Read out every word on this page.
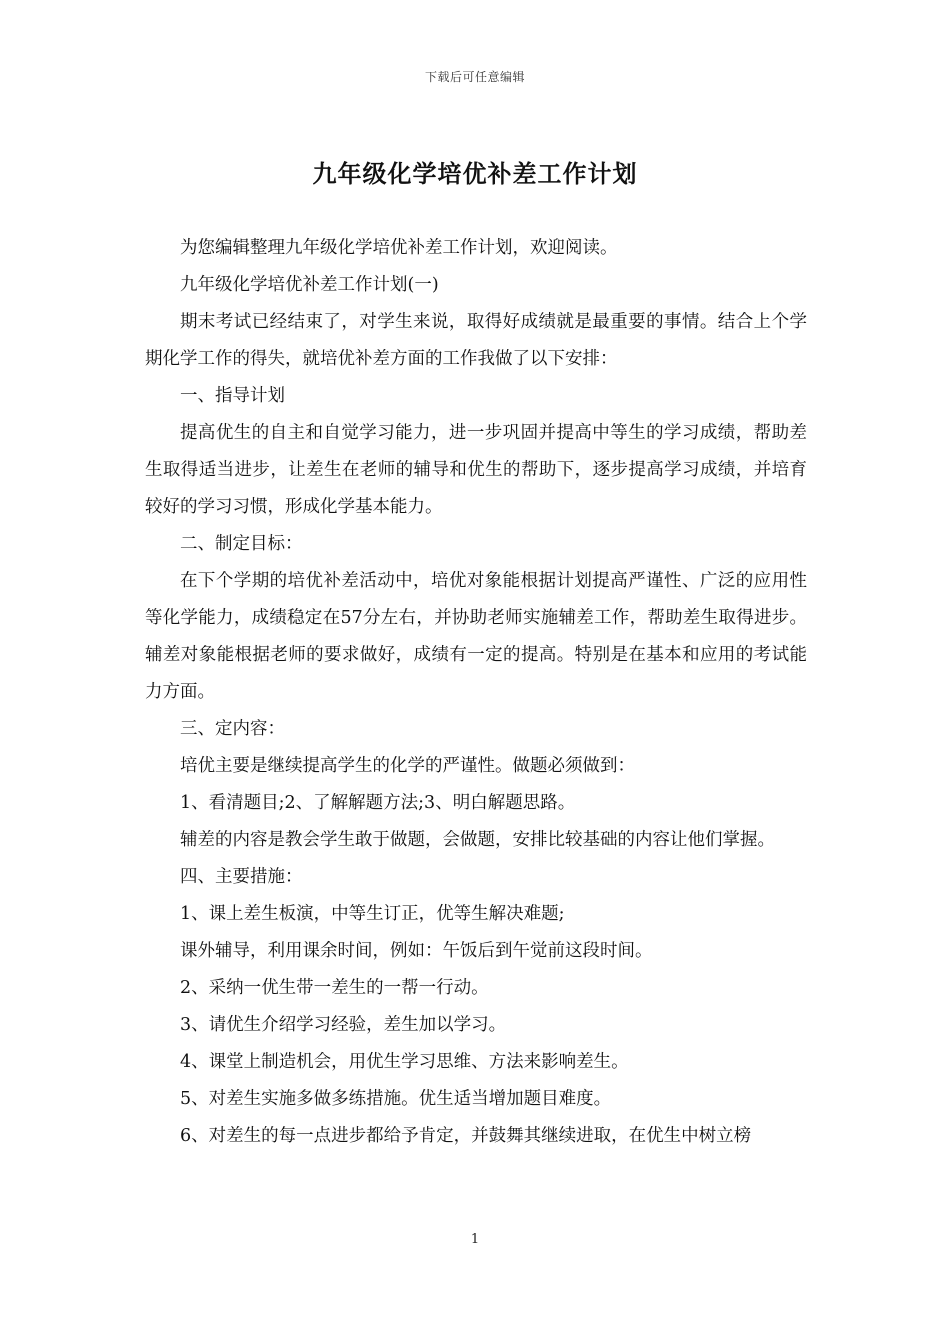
下载后可任意编辑
九年级化学培优补差工作计划

为您编辑整理九年级化学培优补差工作计划，欢迎阅读。

九年级化学培优补差工作计划(一)

期末考试已经结束了，对学生来说，取得好成绩就是最重要的事情。结合上个学期化学工作的得失，就培优补差方面的工作我做了以下安排：

一、指导计划

提高优生的自主和自觉学习能力，进一步巩固并提高中等生的学习成绩，帮助差生取得适当进步，让差生在老师的辅导和优生的帮助下，逐步提高学习成绩，并培育较好的学习习惯，形成化学基本能力。

二、制定目标：

在下个学期的培优补差活动中，培优对象能根据计划提高严谨性、广泛的应用性等化学能力，成绩稳定在57分左右，并协助老师实施辅差工作，帮助差生取得进步。辅差对象能根据老师的要求做好，成绩有一定的提高。特别是在基本和应用的考试能力方面。

三、定内容：

培优主要是继续提高学生的化学的严谨性。做题必须做到：

1、看清题目;2、了解解题方法;3、明白解题思路。

辅差的内容是教会学生敢于做题，会做题，安排比较基础的内容让他们掌握。

四、主要措施：

1、课上差生板演，中等生订正，优等生解决难题;

课外辅导，利用课余时间，例如：午饭后到午觉前这段时间。

2、采纳一优生带一差生的一帮一行动。

3、请优生介绍学习经验，差生加以学习。

4、课堂上制造机会，用优生学习思维、方法来影响差生。

5、对差生实施多做多练措施。优生适当增加题目难度。

6、对差生的每一点进步都给予肯定，并鼓舞其继续进取，在优生中树立榜

1
